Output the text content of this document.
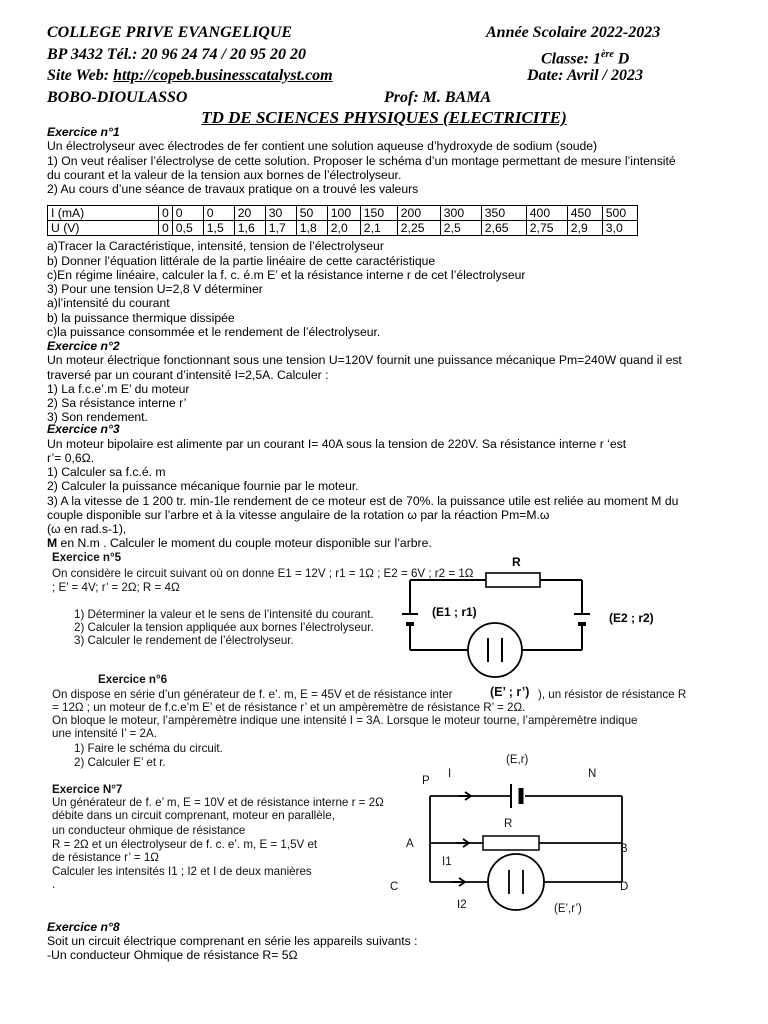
COLLEGE PRIVE EVANGELIQUE	Année Scolaire 2022-2023
BP 3432 Tél.: 20 96 24 74 / 20 95 20 20	Classe: 1ère D
Site Web: http://copeb.businesscatalyst.com	Date: Avril / 2023
BOBO-DIOULASSO	Prof: M. BAMA
TD DE SCIENCES PHYSIQUES (ELECTRICITE)
Exercice n°1
Un électrolyseur avec électrodes de fer contient une solution aqueuse d’hydroxyde de sodium (soude)
1) On veut réaliser l’électrolyse de cette solution. Proposer le schéma d’un montage permettant de mesure l’intensité
du courant et la valeur de la tension aux bornes de l’électrolyseur.
2) Au cours d’une séance de travaux pratique on a trouvé les valeurs
I (mA)	0	0	0	20	30	50	100	150	200	300	350	400	450	500
U (V)	0	0,5	1,5	1,6	1,7	1,8	2,0	2,1	2,25	2,5	2,65	2,75	2,9	3,0
a)Tracer la Caractéristique, intensité, tension de l’électrolyseur
b) Donner l’équation littérale de la partie linéaire de cette caractéristique
c)En régime linéaire, calculer la f. c. é.m E’ et la résistance interne r de cet l’électrolyseur
3) Pour une tension U=2,8 V déterminer
a)l’intensité du courant
b) la puissance thermique dissipée
c)la puissance consommée et le rendement de l’électrolyseur.
Exercice n°2
Un moteur électrique fonctionnant sous une tension U=120V fournit une puissance mécanique Pm=240W quand il est
traversé par un courant d’intensité I=2,5A. Calculer :
1) La f.c.e’.m E’ du moteur
2) Sa résistance interne r’
3) Son rendement.
Exercice n°3
Un moteur bipolaire est alimente par un courant I= 40A sous la tension de 220V. Sa résistance interne r ‘est
r’= 0,6Ω.
1) Calculer sa f.c.é. m
2) Calculer la puissance mécanique fournie par le moteur.
3) A la vitesse de 1 200 tr. min-1le rendement de ce moteur est de 70%. la puissance utile est reliée au moment M du
couple disponible sur l’arbre et à la vitesse angulaire de la rotation ω par la réaction Pm=M.ω
(ω en rad.s-1),
M en N.m . Calculer le moment du couple moteur disponible sur l’arbre.
Exercice n°5
On considère le circuit suivant où on donne E1 = 12V ; r1 = 1Ω ; E2 = 6V ; r2 = 1Ω
; E’ = 4V; r’ = 2Ω; R = 4Ω
1) Déterminer la valeur et le sens de l’intensité du courant.
2) Calculer la tension appliquée aux bornes l’électrolyseur.
3) Calculer le rendement de l’électrolyseur.
R
(E1 ; r1)	(E2 ; r2)
Exercice n°6
On dispose en série d’un générateur de f. e’. m, E = 45V et de résistance inter	(E’ ; r’) ), un résistor de résistance R
= 12Ω ; un moteur de f.c.e’m E’ et de résistance r’ et un ampèremètre de résistance R’ = 2Ω.
On bloque le moteur, l’ampèremètre indique une intensité I = 3A. Lorsque le moteur tourne, l’ampèremètre indique
une intensité I’ = 2A.
1) Faire le schéma du circuit.
2) Calculer E’ et r.
Exercice N°7
Un générateur de f. e’ m, E = 10V et de résistance interne r = 2Ω
débite dans un circuit comprenant, moteur en parallèle,
un conducteur ohmique de résistance
R = 2Ω et un électrolyseur de f. c. e’. m, E = 1,5V et
de résistance r’ = 1Ω
Calculer les intensités I1 ; I2 et I de deux manières
.
(E,r)
P
I	N
A
R
B
I1
C	D
I2	(E’,r’)
Exercice n°8
Soit un circuit électrique comprenant en série les appareils suivants :
-Un conducteur Ohmique de résistance R= 5Ω
